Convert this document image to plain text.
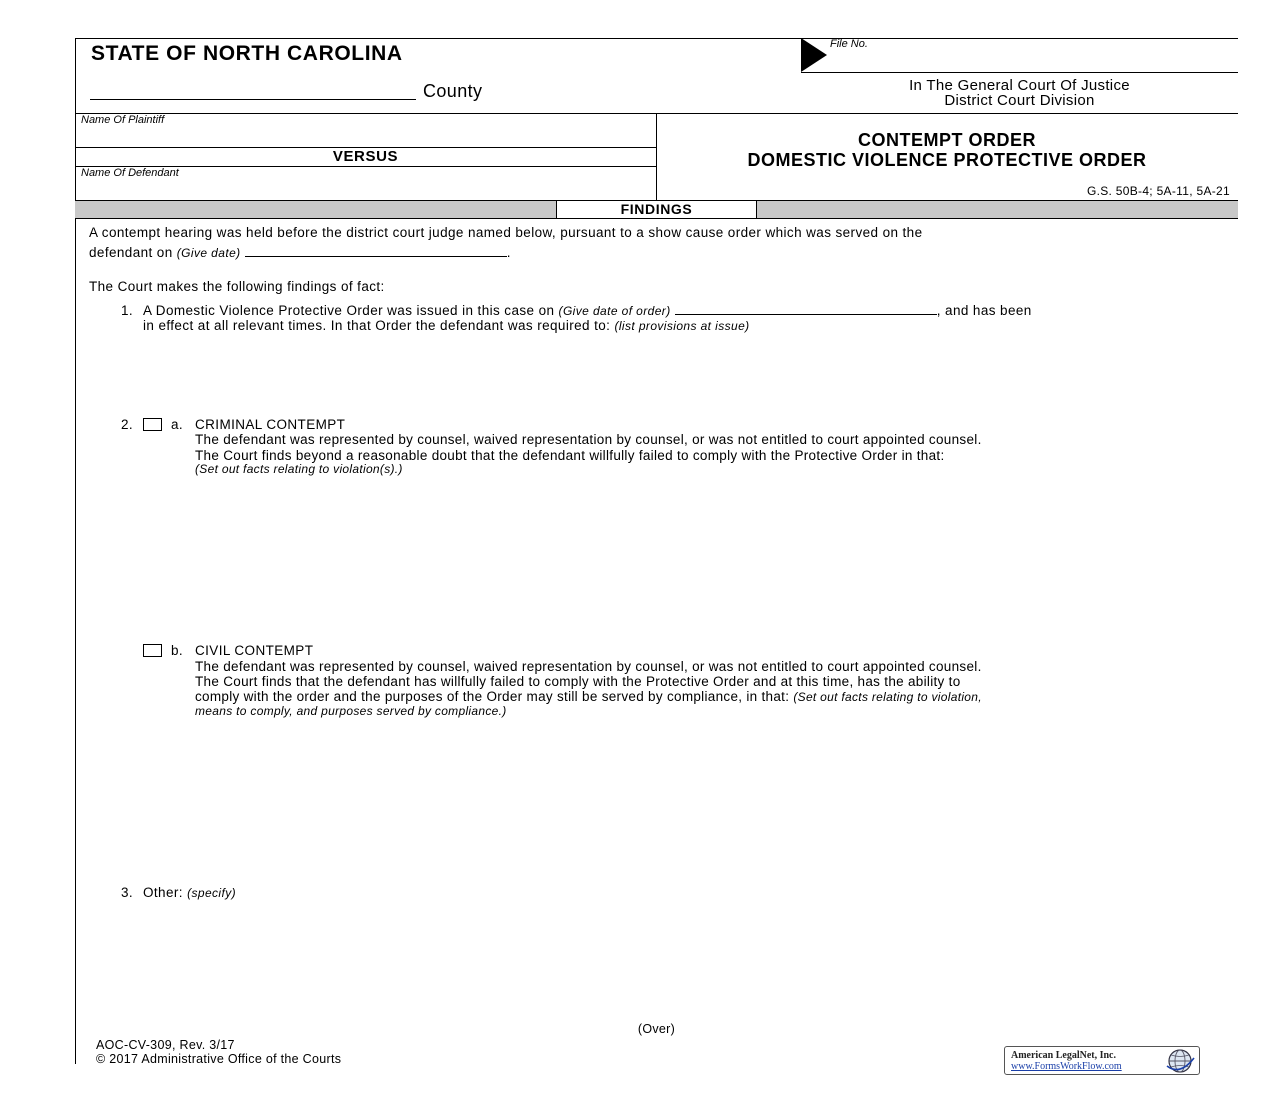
STATE OF NORTH CAROLINA
County
File No.
In The General Court Of Justice
District Court Division
Name Of Plaintiff
VERSUS
Name Of Defendant
CONTEMPT ORDER
DOMESTIC VIOLENCE PROTECTIVE ORDER
G.S. 50B-4; 5A-11, 5A-21
FINDINGS
A contempt hearing was held before the district court judge named below, pursuant to a show cause order which was served on the
defendant on (Give date)	.
The Court makes the following findings of fact:
1. A Domestic Violence Protective Order was issued in this case on (Give date of order)	, and has been
in effect at all relevant times. In that Order the defendant was required to: (list provisions at issue)
2.	a. CRIMINAL CONTEMPT
The defendant was represented by counsel, waived representation by counsel, or was not entitled to court appointed counsel.
The Court finds beyond a reasonable doubt that the defendant willfully failed to comply with the Protective Order in that:
(Set out facts relating to violation(s).)
b. CIVIL CONTEMPT
The defendant was represented by counsel, waived representation by counsel, or was not entitled to court appointed counsel.
The Court finds that the defendant has willfully failed to comply with the Protective Order and at this time, has the ability to
comply with the order and the purposes of the Order may still be served by compliance, in that: (Set out facts relating to violation,
means to comply, and purposes served by compliance.)
3. Other: (specify)
(Over)
AOC-CV-309, Rev. 3/17
© 2017 Administrative Office of the Courts	American LegalNet, Inc.
www.FormsWorkFlow.com
